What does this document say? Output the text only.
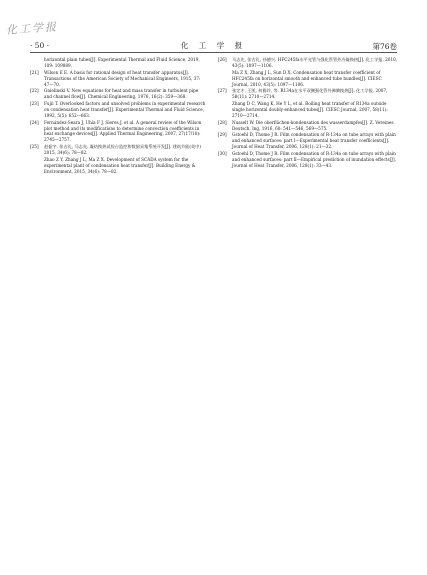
化工学报
· 50 ·	化 工 学 报	第76卷
horizontal plain tubes[J]. Experimental Thermal and Fluid Science, 2019, 109: 109889.
[21] Wilson E E. A basis for rational design of heat transfer apparatus[J]. Transactions of the American Society of Mechanical Engineers, 1915, 37: 47—70.
[22] Gnielinski V. New equations for heat and mass transfer in turbulent pipe and channel flow[J]. Chemical Engineering, 1976, 16(2): 359—368.
[23] Fujii T. Overlooked factors and unsolved problems in experimental research on condensation heat transfer[J]. Experimental Thermal and Fluid Science, 1992, 5(5): 652—663.
[24] Fernández-Seara J, Uhía F J, Sieres J, et al. A general review of the Wilson plot method and its modifications to determine convection coefficients in heat exchange devices[J]. Applied Thermal Engineering, 2007, 27(17/18): 2745—2757.
[25] 赵振宇, 张吉礼, 马志先. 凝结换热试验台监控和数据采集系统开发[J]. 建筑节能(英中) 2015, 34(6): 78—82.
Zhao Z Y, Zhang J L, Ma Z X. Development of SCADA system for the experimental plant of condensation heat transfer[J]. Building Energy & Environment, 2015, 34(6): 78—82.
[26] 马志先, 张吉礼, 孙德兴. HFC245fa水平光管与强化管管外冷凝换热[J]. 化工学报, 2010, 43(5): 1097—1106.
Ma Z X, Zhang J L, Sun D X. Condensation heat transfer coefficient of HFC245fa on horizontal smooth and enhanced tube bundles[J]. CIESC Journal, 2010, 43(5): 1097—1106.
[27] 张定才, 王凯, 何雅玲, 等. R134a在水平双侧强化管外沸腾换热[J]. 化工学报, 2007, 58(11): 2710—2714.
Zhang D C, Wang K, He Y L, et al. Boiling heat transfer of R134a outside single horizontal doubly-enhanced tubes[J]. CIESC Journal, 2007, 58(11): 2710—2714.
[28] Nusselt W. Die oberflächen-kondensation des wasserdampfes[J]. Z. Vereines Deutsch. Ing, 1916, 60: 541—546, 569—575.
[29] Gstoehl D, Thome J R. Film condensation of R-134a on tube arrays with plain and enhanced surfaces: part Ⅰ—Experimental heat transfer coefficients[J]. Journal of Heat Transfer, 2006, 128(1): 21—32.
[30] Gstoehl D, Thome J R. Film condensation of R-134a on tube arrays with plain and enhanced surfaces: part Ⅱ—Empirical prediction of inundation effects[J]. Journal of Heat Transfer, 2006, 128(1): 33—43.
